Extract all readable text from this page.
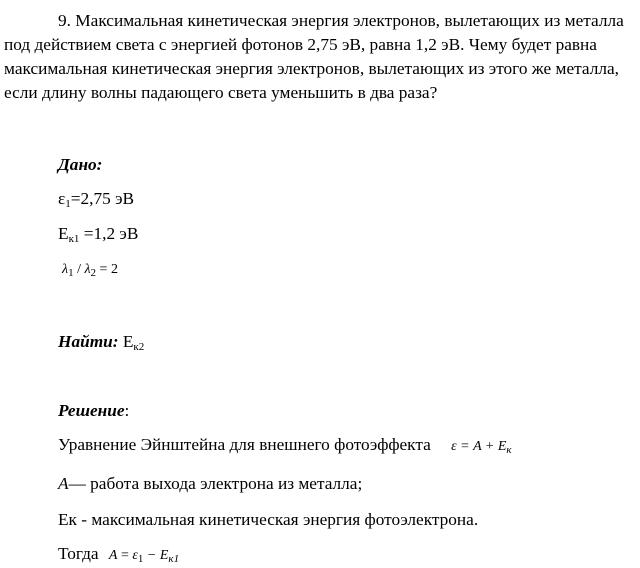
9. Максимальная кинетическая энергия электронов, вылетающих из металла под действием света с энергией фотонов 2,75 эВ, равна 1,2 эВ. Чему будет равна максимальная кинетическая энергия электронов, вылетающих из этого же металла, если длину волны падающего света уменьшить в два раза?

Дано:
$\varepsilon_1=2,75$ эВ
$Е_{к1} =1,2$ эВ
$\lambda_1 / \lambda_2 = 2$
Найти: $Е_{к2}$
Решение:
Уравнение Эйнштейна для внешнего фотоэффекта $\varepsilon = A + E_к$
A— работа выхода электрона из металла;
Ек - максимальная кинетическая энергия фотоэлектрона.
Тогда $A = \varepsilon_1 - E_{к1}$
